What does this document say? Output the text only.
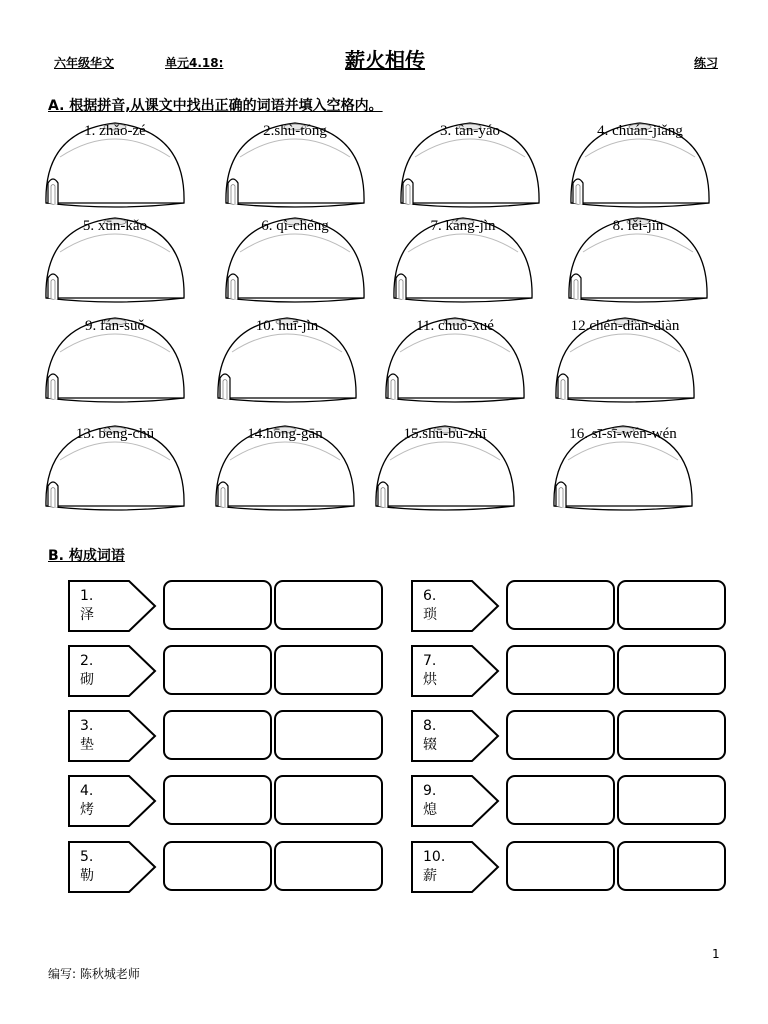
六年级华文	单元4.18:	薪火相传	练习
A. 根据拼音,从课文中找出正确的词语并填入空格内。
1. zhǎo-zé	2.shù-tóng	3. tàn-yáo	4. chuán-jiǎng
5. xūn-kǎo	6. qì-chéng	7. káng-jìn	8. lěi-jǐn
9. fán-suǒ	10. huī-jìn	11. chuò-xué	12.chén-diàn-diàn
13. bèng-chū	14.hōng-gān	15.shū-bù-zhī	16. sī-sī-wén-wén
B. 构成词语
1. 泽
2. 砌
3. 垫
4. 烤
5. 勒
6. 琐
7. 烘
8. 辍
9. 熄
10. 薪
1
编写: 陈秋城老师
